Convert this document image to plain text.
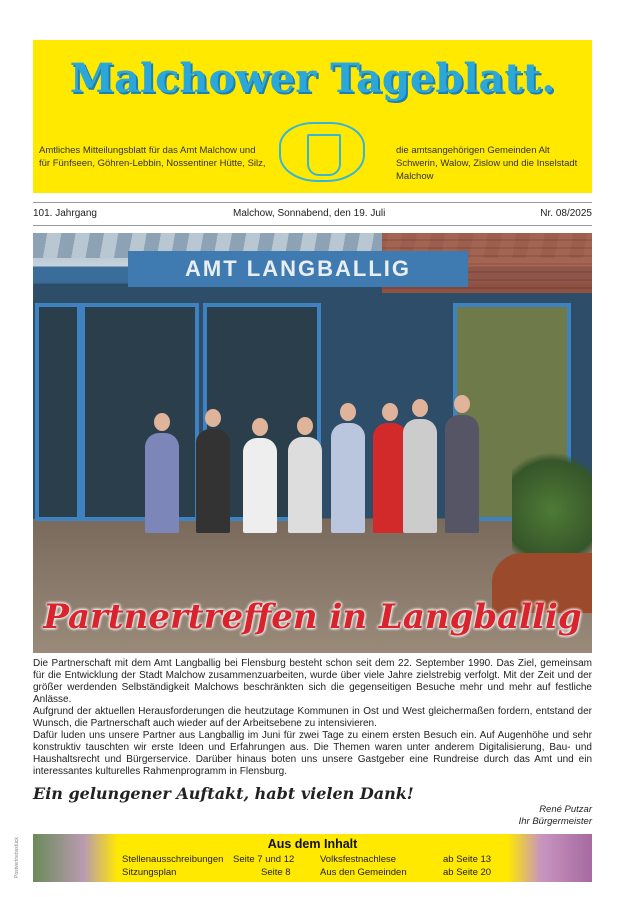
Malchower Tageblatt.
Amtliches Mitteilungsblatt für das Amt Malchow und für Fünfseen, Göhren-Lebbin, Nossentiner Hütte, Silz,
die amtsangehörigen Gemeinden Alt Schwerin, Walow, Zislow und die Inselstadt Malchow
101. Jahrgang	Malchow, Sonnabend, den 19. Juli	Nr. 08/2025
AMT LANGBALLIG
Partnertreffen in Langballig

Die Partnerschaft mit dem Amt Langballig bei Flensburg besteht schon seit dem 22. September 1990. Das Ziel, gemeinsam für die Entwicklung der Stadt Malchow zusammenzuarbeiten, wurde über viele Jahre zielstrebig verfolgt. Mit der Zeit und der größer werdenden Selbständigkeit Malchows beschränkten sich die gegenseitigen Besuche mehr und mehr auf festliche Anlässe.

Aufgrund der aktuellen Herausforderungen die heutzutage Kommunen in Ost und West gleichermaßen fordern, entstand der Wunsch, die Partnerschaft auch wieder auf der Arbeitsebene zu intensivieren.

Dafür luden uns unsere Partner aus Langballig im Juni für zwei Tage zu einem ersten Besuch ein. Auf Augenhöhe und sehr konstruktiv tauschten wir erste Ideen und Erfahrungen aus. Die Themen waren unter anderem Digitalisierung, Bau- und Haushaltsrecht und Bürgerservice. Darüber hinaus boten uns unsere Gastgeber eine Rundreise durch das Amt und ein interessantes kulturelles Rahmenprogramm in Flensburg.

Ein gelungener Auftakt, habt vielen Dank!
René Putzar
Ihr Bürgermeister
Aus dem Inhalt
Stellenausschreibungen Seite 7 und 12
Sitzungsplan	Seite 8
Volksfestnachlese	ab Seite 13
Aus den Gemeinden	ab Seite 20
Postvertriebsstück
